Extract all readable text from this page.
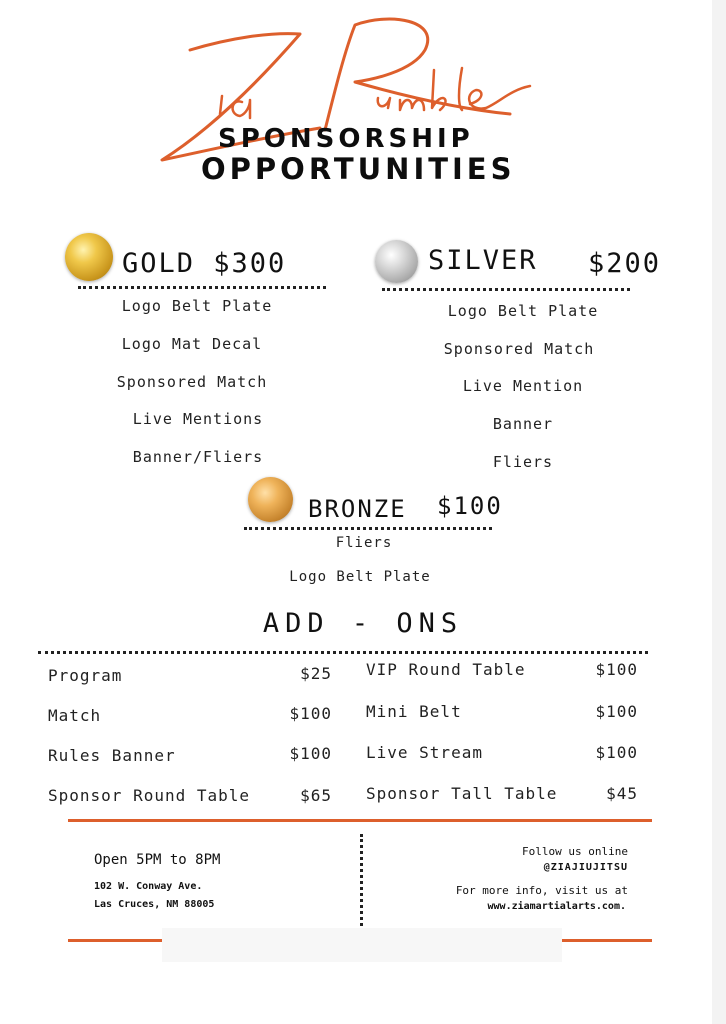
SPONSORSHIP
OPPORTUNITIES
GOLD $300
Logo Belt Plate
Logo Mat Decal
Sponsored Match
Live Mentions
Banner/Fliers
SILVER $200
Logo Belt Plate
Sponsored Match
Live Mention
Banner
Fliers
BRONZE $100
Fliers
Logo Belt Plate
ADD - ONS
Program	$25
Match	$100
Rules Banner	$100
Sponsor Round Table	$65
VIP Round Table	$100
Mini Belt	$100
Live Stream	$100
Sponsor Tall Table	$45
Open 5PM to 8PM
102 W. Conway Ave.
Las Cruces, NM 88005
Follow us online
@ZIAJIUJITSU
For more info, visit us at
www.ziamartialarts.com.
